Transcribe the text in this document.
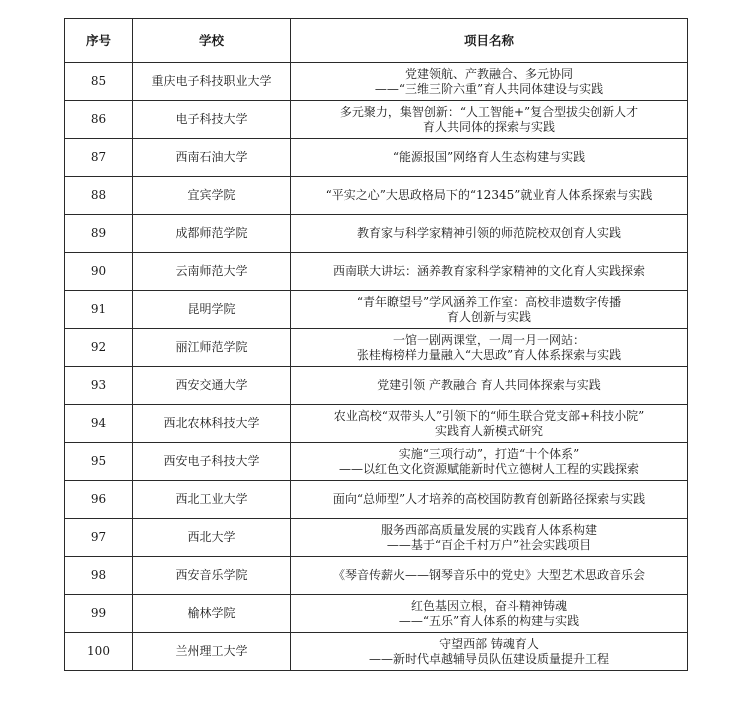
序号	学校	项目名称
85	重庆电子科技职业大学	党建领航、产教融合、多元协同
——“三维三阶六重”育人共同体建设与实践

86	电子科技大学	多元聚力，集智创新：“人工智能+”复合型拔尖创新人才
育人共同体的探索与实践

87	西南石油大学	“能源报国”网络育人生态构建与实践

88	宜宾学院	“平实之心”大思政格局下的“12345”就业育人体系探索与实践

89	成都师范学院	教育家与科学家精神引领的师范院校双创育人实践

90	云南师范大学	西南联大讲坛：涵养教育家科学家精神的文化育人实践探索

91	昆明学院	“青年瞭望号”学风涵养工作室：高校非遗数字传播
育人创新与实践

92	丽江师范学院	一馆一剧两课堂，一周一月一网站：
张桂梅榜样力量融入“大思政”育人体系探索与实践

93	西安交通大学	党建引领 产教融合 育人共同体探索与实践

94	西北农林科技大学	农业高校“双带头人”引领下的“师生联合党支部+科技小院”
实践育人新模式研究

95	西安电子科技大学	实施“三项行动”，打造“十个体系”
——以红色文化资源赋能新时代立德树人工程的实践探索

96	西北工业大学	面向“总师型”人才培养的高校国防教育创新路径探索与实践

97	西北大学	服务西部高质量发展的实践育人体系构建
——基于“百企千村万户”社会实践项目

98	西安音乐学院	《琴音传薪火——钢琴音乐中的党史》大型艺术思政音乐会

99	榆林学院	红色基因立根，奋斗精神铸魂
——“五乐”育人体系的构建与实践

100	兰州理工大学	守望西部 铸魂育人
——新时代卓越辅导员队伍建设质量提升工程
